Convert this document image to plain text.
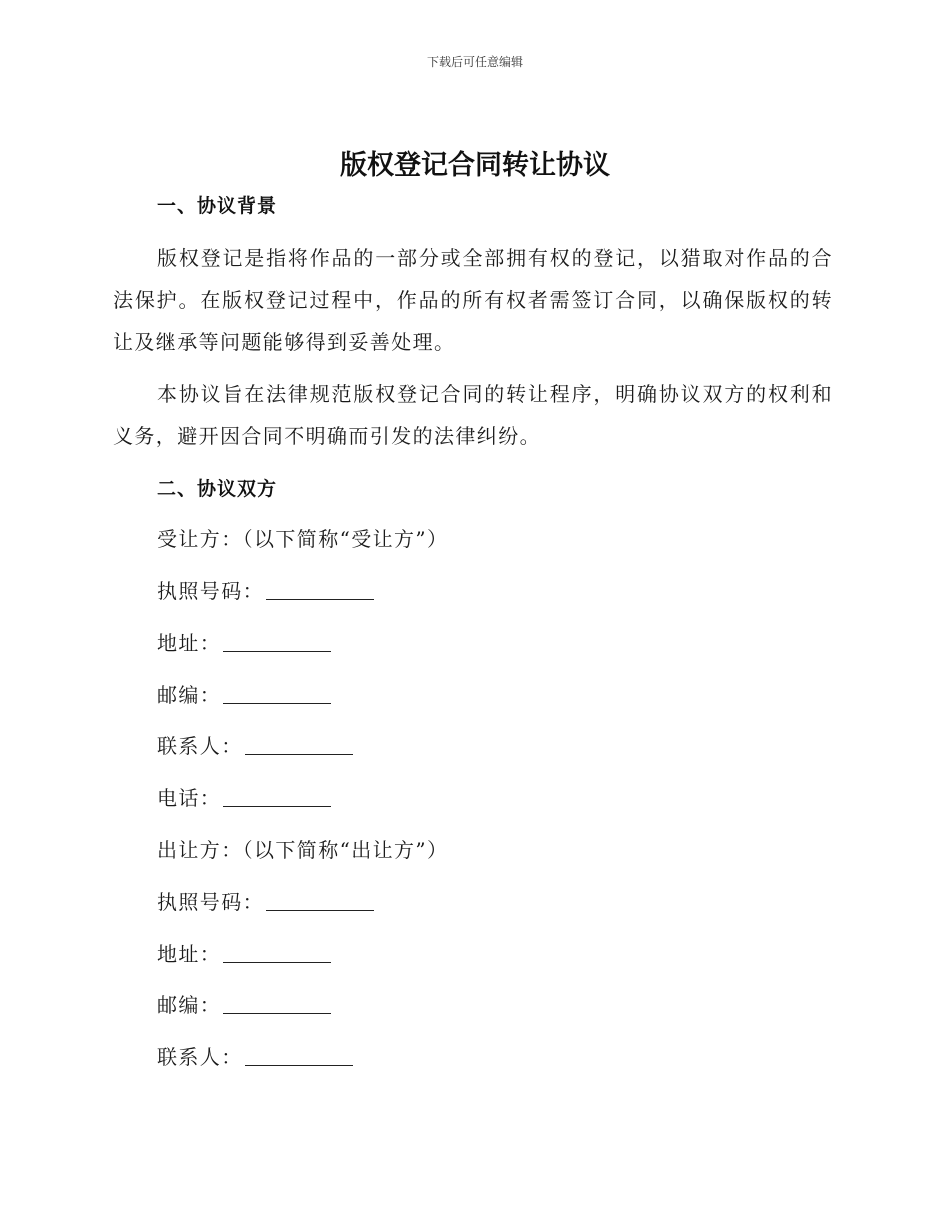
下载后可任意编辑
版权登记合同转让协议
一、协议背景
版权登记是指将作品的一部分或全部拥有权的登记，以猎取对作品的合法保护。在版权登记过程中，作品的所有权者需签订合同，以确保版权的转让及继承等问题能够得到妥善处理。
本协议旨在法律规范版权登记合同的转让程序，明确协议双方的权利和义务，避开因合同不明确而引发的法律纠纷。
二、协议双方
受让方：（以下简称“受让方”）
执照号码：
地址：
邮编：
联系人：
电话：
出让方：（以下简称“出让方”）
执照号码：
地址：
邮编：
联系人：
